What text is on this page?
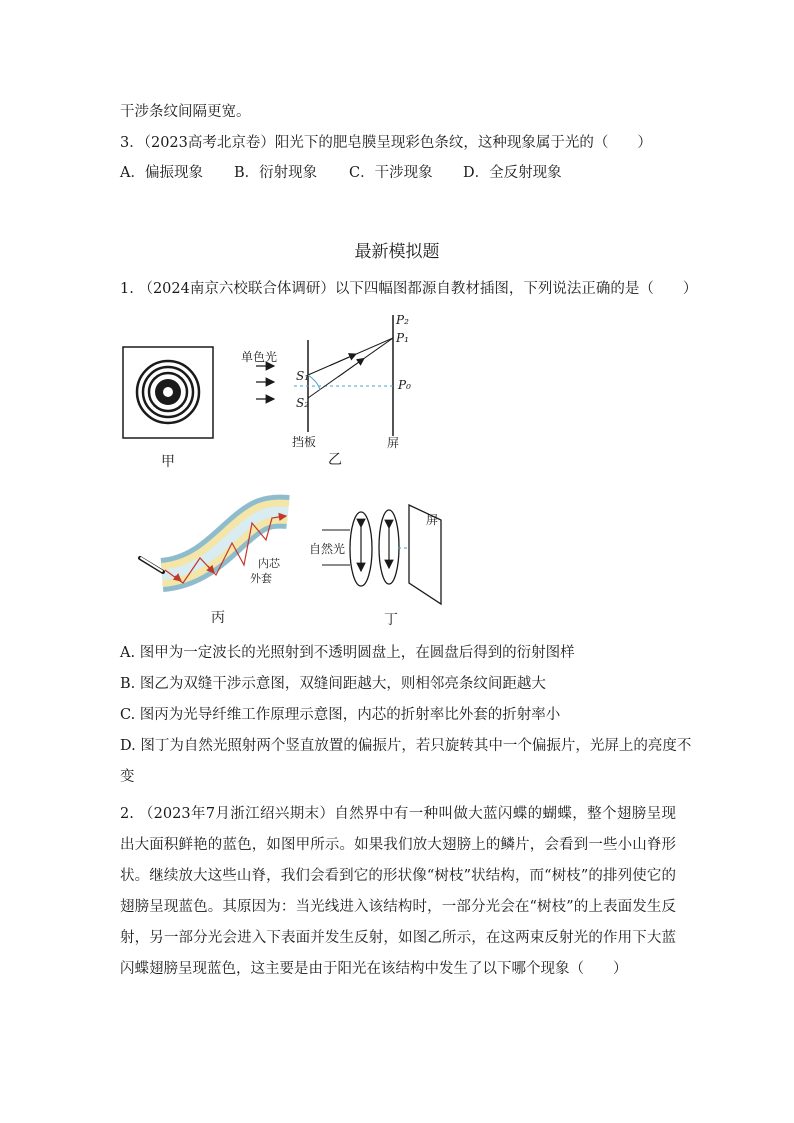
干涉条纹间隔更宽。
3．（2023高考北京卷）阳光下的肥皂膜呈现彩色条纹，这种现象属于光的（　　）
A．偏振现象 B．衍射现象 C．干涉现象 D．全反射现象
最新模拟题
1. （2024南京六校联合体调研）以下四幅图都源自教材插图，下列说法正确的是（　　）
甲
单色光
S₁
S₂
P₂
P₁
P₀
挡板	屏
乙
内芯
外套
丙
自然光
屏
丁
A. 图甲为一定波长的光照射到不透明圆盘上，在圆盘后得到的衍射图样
B. 图乙为双缝干涉示意图，双缝间距越大，则相邻亮条纹间距越大
C. 图丙为光导纤维工作原理示意图，内芯的折射率比外套的折射率小
D. 图丁为自然光照射两个竖直放置的偏振片，若只旋转其中一个偏振片，光屏上的亮度不
变
2. （2023年7月浙江绍兴期末）自然界中有一种叫做大蓝闪蝶的蝴蝶，整个翅膀呈现出大面积鲜艳的蓝色，如图甲所示。如果我们放大翅膀上的鳞片，会看到一些小山脊形状。继续放大这些山脊，我们会看到它的形状像“树枝”状结构，而“树枝”的排列使它的翅膀呈现蓝色。其原因为：当光线进入该结构时，一部分光会在“树枝”的上表面发生反射，另一部分光会进入下表面并发生反射，如图乙所示，在这两束反射光的作用下大蓝闪蝶翅膀呈现蓝色，这主要是由于阳光在该结构中发生了以下哪个现象（　　）
